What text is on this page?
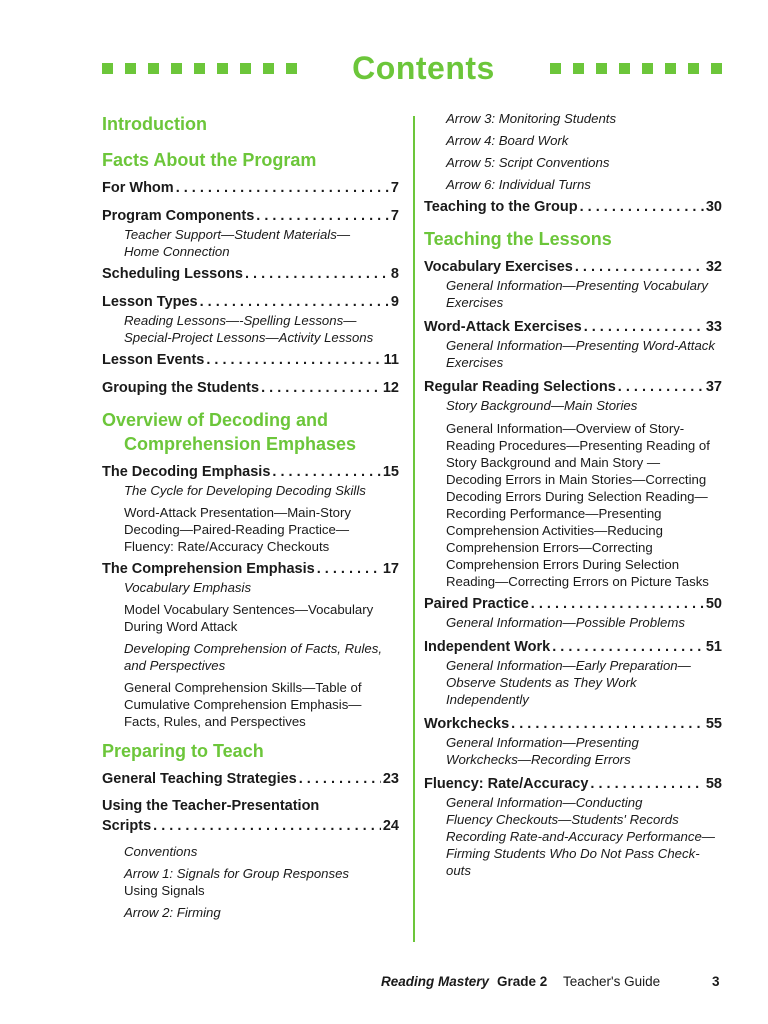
Contents

Introduction

Facts About the Program

For Whom . . .	7
Program Components . . .	7

Teacher Support—Student Materials—

Home Connection

Scheduling Lessons . . .	8
Lesson Types . . .	9

Reading Lessons—-Spelling Lessons—

Special-Project Lessons—Activity Lessons

Lesson Events . . .	11
Grouping the Students . . .	12

Overview of Decoding and
Comprehension Emphases

The Decoding Emphasis . . .	15

The Cycle for Developing Decoding Skills

Word-Attack Presentation—Main-Story

Decoding—Paired-Reading Practice—

Fluency: Rate/Accuracy Checkouts

The Comprehension Emphasis . . .	17

Vocabulary Emphasis

Model Vocabulary Sentences—Vocabulary

During Word Attack

Developing Comprehension of Facts, Rules,

and Perspectives

General Comprehension Skills—Table of

Cumulative Comprehension Emphasis—

Facts, Rules, and Perspectives

Preparing to Teach

General Teaching Strategies . . .	23

Using the Teacher-Presentation

Scripts . . .	24

Conventions

Arrow 1: Signals for Group Responses

Using Signals

Arrow 2: Firming

Arrow 3: Monitoring Students

Arrow 4: Board Work

Arrow 5: Script Conventions

Arrow 6: Individual Turns

Teaching to the Group . . .	30

Teaching the Lessons

Vocabulary Exercises . . .	32

General Information—Presenting Vocabulary

Exercises

Word-Attack Exercises . . .	33

General Information—Presenting Word-Attack

Exercises

Regular Reading Selections . . .	37

Story Background—Main Stories

General Information—Overview of Story-

Reading Procedures—Presenting Reading of

Story Background and Main Story —

Decoding Errors in Main Stories—Correcting

Decoding Errors During Selection Reading—

Recording Performance—Presenting

Comprehension Activities—Reducing

Comprehension Errors—Correcting

Comprehension Errors During Selection

Reading—Correcting Errors on Picture Tasks

Paired Practice . . .	50

General Information—Possible Problems

Independent Work . . .	51

General Information—Early Preparation—

Observe Students as They Work

Independently

Workchecks . . .	55

General Information—Presenting

Workchecks—Recording Errors

Fluency: Rate/Accuracy . . .	58

General Information—Conducting

Fluency Checkouts—Students' Records

Recording Rate-and-Accuracy Performance—

Firming Students Who Do Not Pass Check-

outs

Reading Mastery Grade 2 Teacher's Guide	3
